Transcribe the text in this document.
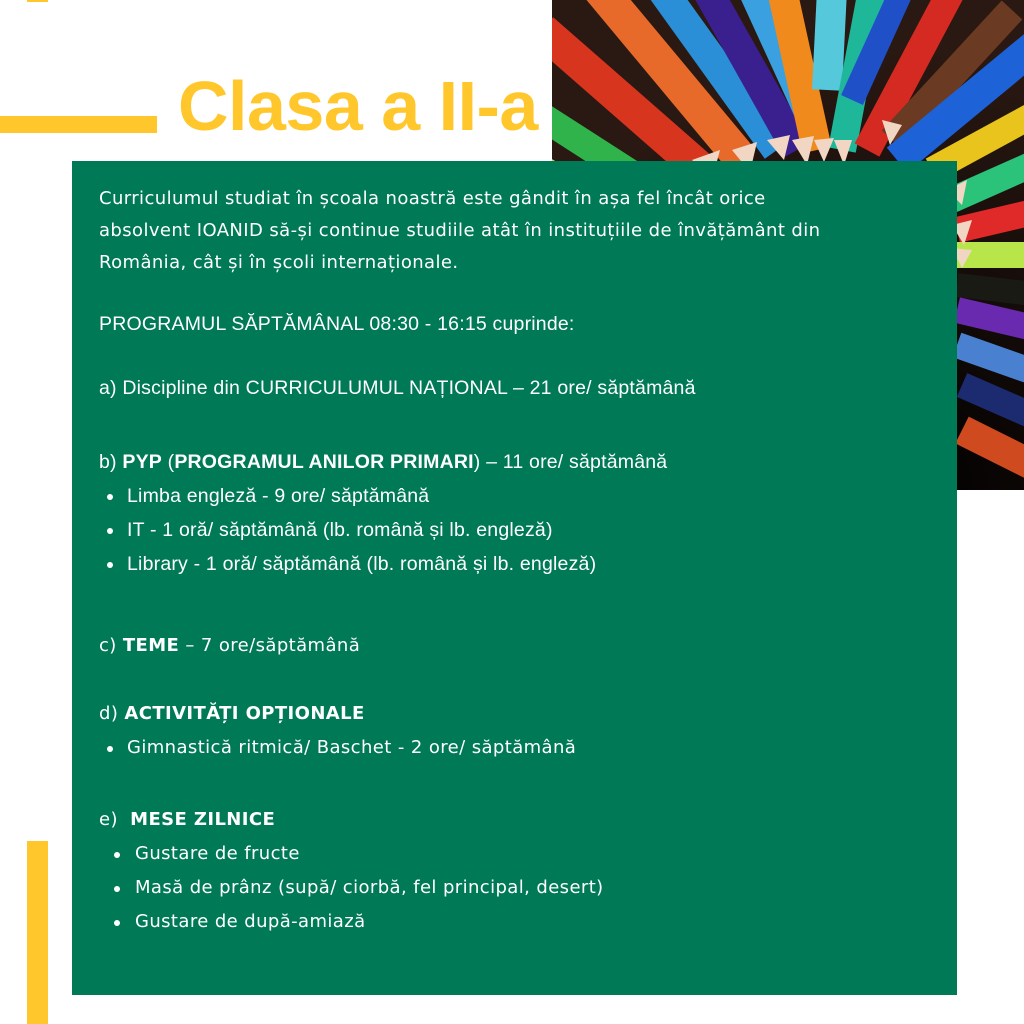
Clasa a II-a

Curriculumul studiat în școala noastră este gândit în așa fel încât orice
absolvent IOANID să-și continue studiile atât în instituțiile de învățământ din
România, cât și în școli internaționale.

PROGRAMUL SĂPTĂMÂNAL 08:30 - 16:15 cuprinde:

a) Discipline din CURRICULUMUL NAȚIONAL – 21 ore/ săptămână

b) PYP (PROGRAMUL ANILOR PRIMARI) – 11 ore/ săptămână

Limba engleză - 9 ore/ săptămână
IT - 1 oră/ săptămână (lb. română și lb. engleză)
Library - 1 oră/ săptămână (lb. română și lb. engleză)

c) TEME – 7 ore/săptămână

d) ACTIVITĂȚI OPȚIONALE

Gimnastică ritmică/ Baschet - 2 ore/ săptămână

e) MESE ZILNICE

Gustare de fructe
Masă de prânz (supă/ ciorbă, fel principal, desert)
Gustare de după-amiază
